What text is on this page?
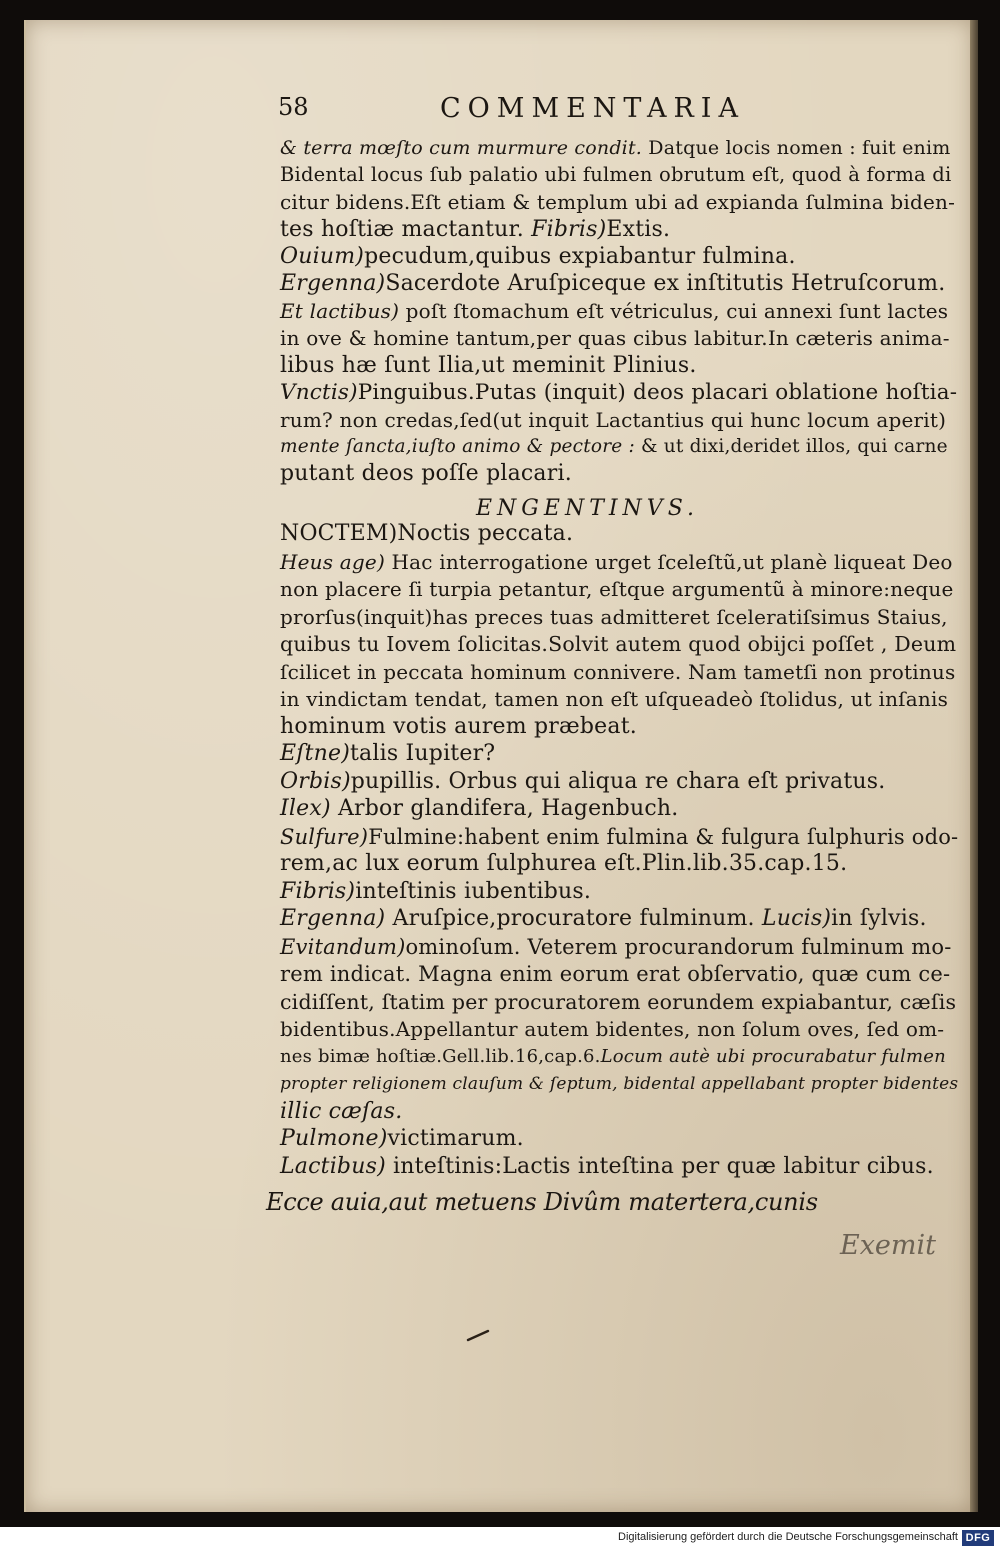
58	COMMENTARIA

& terra mœſto cum murmure condit. Datque locis nomen : fuit enim

Bidental locus ſub palatio ubi fulmen obrutum eſt, quod à forma di

citur bidens.Eſt etiam & templum ubi ad expianda ſulmina biden-

tes hoſtiæ mactantur. Fibris)Extis.

Ouium)pecudum,quibus expiabantur fulmina.

Ergenna)Sacerdote Aruſpiceque ex inſtitutis Hetruſcorum.

Et lactibus) poſt ſtomachum eſt vétriculus, cui annexi ſunt lactes

in ove & homine tantum,per quas cibus labitur.In cæteris anima-

libus hæ ſunt Ilia,ut meminit Plinius.

Vnctis)Pinguibus.Putas (inquit) deos placari oblatione hoſtia-

rum? non credas,ſed(ut inquit Lactantius qui hunc locum aperit)

mente ſancta,iuſto animo & pectore : & ut dixi,deridet illos, qui carne

putant deos poſſe placari.

ENGENTINVS.

NOCTEM)Noctis peccata.

Heus age) Hac interrogatione urget ſceleſtũ,ut planè liqueat Deo

non placere ſi turpia petantur, eſtque argumentũ à minore:neque

prorſus(inquit)has preces tuas admitteret ſceleratiſsimus Staius,

quibus tu Iovem ſolicitas.Solvit autem quod obijci poſſet , Deum

ſcilicet in peccata hominum connivere. Nam tametſi non protinus

in vindictam tendat, tamen non eſt uſqueadeò ſtolidus, ut inſanis

hominum votis aurem præbeat.

Eſtne)talis Iupiter?

Orbis)pupillis. Orbus qui aliqua re chara eſt privatus.

Ilex) Arbor glandifera, Hagenbuch.

Sulfure)Fulmine:habent enim fulmina & fulgura ſulphuris odo-

rem,ac lux eorum ſulphurea eſt.Plin.lib.35.cap.15.

Fibris)inteſtinis iubentibus.

Ergenna) Aruſpice,procuratore fulminum. Lucis)in ſylvis.

Evitandum)ominoſum. Veterem procurandorum fulminum mo-

rem indicat. Magna enim eorum erat obſervatio, quæ cum ce-

cidiſſent, ſtatim per procuratorem eorundem expiabantur, cæſis

bidentibus.Appellantur autem bidentes, non ſolum oves, ſed om-

nes bimæ hoſtiæ.Gell.lib.16,cap.6.Locum autè ubi procurabatur fulmen

propter religionem clauſum & ſeptum, bidental appellabant propter bidentes

illic cæſas.

Pulmone)victimarum.

Lactibus) inteſtinis:Lactis inteſtina per quæ labitur cibus.

Ecce auia,aut metuens Divûm matertera,cunis
Exemit
Digitalisierung gefördert durch die Deutsche Forschungsgemeinschaft DFG
